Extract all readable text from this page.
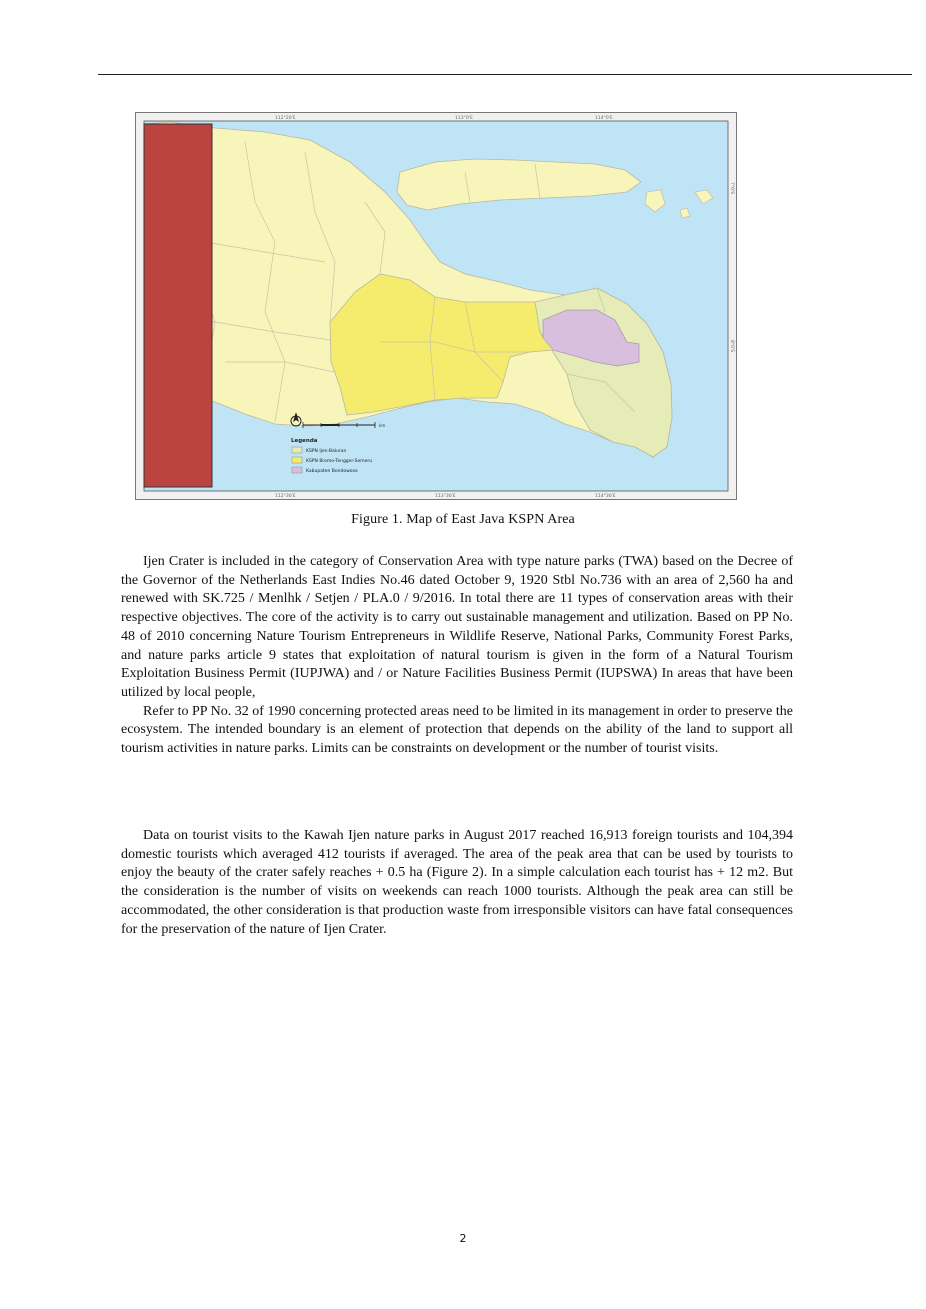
112°20'E	113°0'E	114°0'E
112°30'E	113°30'E	114°30'E
7°0'S
8°0'S
km
Legenda
KSPN Ijen-Baluran
KSPN Bromo-Tengger-Semeru
Kabupaten Bondowoso
Figure 1. Map of East Java KSPN Area

Ijen Crater is included in the category of Conservation Area with type nature parks (TWA) based on the Decree of the Governor of the Netherlands East Indies No.46 dated October 9, 1920 Stbl No.736 with an area of 2,560 ha and renewed with SK.725 / Menlhk / Setjen / PLA.0 / 9/2016. In total there are 11 types of conservation areas with their respective objectives. The core of the activity is to carry out sustainable management and utilization. Based on PP No. 48 of 2010 concerning Nature Tourism Entrepreneurs in Wildlife Reserve, National Parks, Community Forest Parks, and nature parks article 9 states that exploitation of natural tourism is given in the form of a Natural Tourism Exploitation Business Permit (IUPJWA) and / or Nature Facilities Business Permit (IUPSWA) In areas that have been utilized by local people,

Refer to PP No. 32 of 1990 concerning protected areas need to be limited in its management in order to preserve the ecosystem. The intended boundary is an element of protection that depends on the ability of the land to support all tourism activities in nature parks. Limits can be constraints on development or the number of tourist visits.

Data on tourist visits to the Kawah Ijen nature parks in August 2017 reached 16,913 foreign tourists and 104,394 domestic tourists which averaged 412 tourists if averaged. The area of the peak area that can be used by tourists to enjoy the beauty of the crater safely reaches + 0.5 ha (Figure 2). In a simple calculation each tourist has + 12 m2. But the consideration is the number of visits on weekends can reach 1000 tourists. Although the peak area can still be accommodated, the other consideration is that production waste from irresponsible visitors can have fatal consequences for the preservation of the nature of Ijen Crater.

2
